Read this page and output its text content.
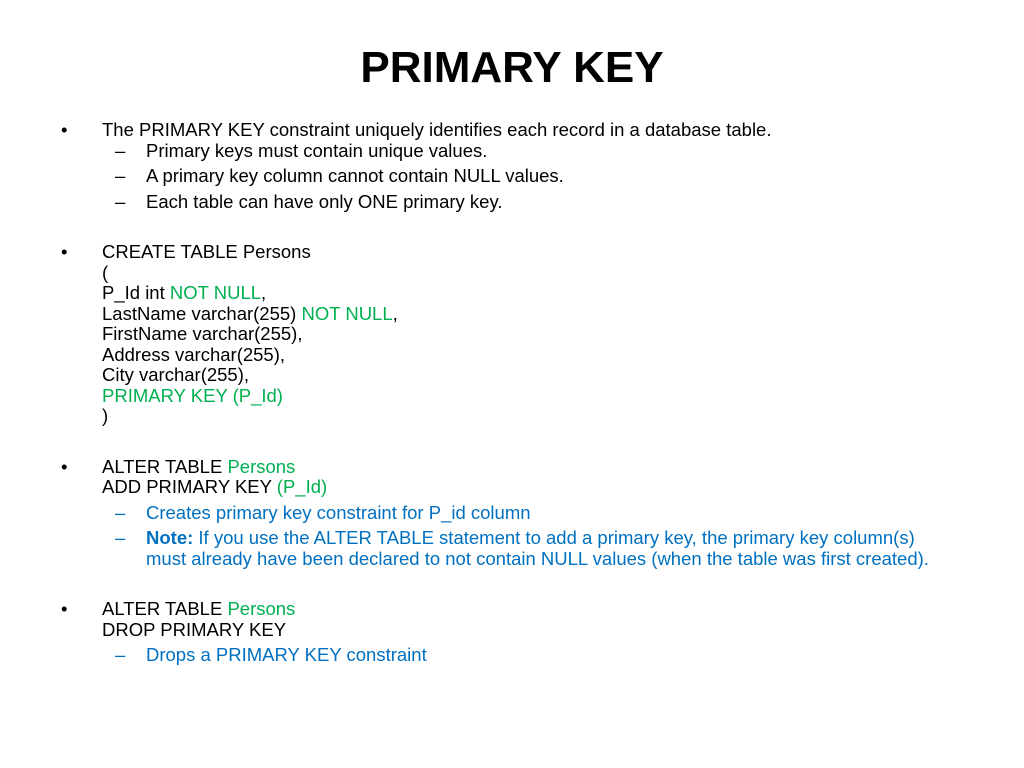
PRIMARY KEY
• The PRIMARY KEY constraint uniquely identifies each record in a database table.
– Primary keys must contain unique values.
– A primary key column cannot contain NULL values.
– Each table can have only ONE primary key.
• CREATE TABLE Persons
(
P_Id int NOT NULL,
LastName varchar(255) NOT NULL,
FirstName varchar(255),
Address varchar(255),
City varchar(255),
PRIMARY KEY (P_Id)
)
• ALTER TABLE Persons
ADD PRIMARY KEY (P_Id)
– Creates primary key constraint for P_id column
– Note: If you use the ALTER TABLE statement to add a primary key, the primary key column(s) must already have been declared to not contain NULL values (when the table was first created).
• ALTER TABLE Persons
DROP PRIMARY KEY
– Drops a PRIMARY KEY constraint
